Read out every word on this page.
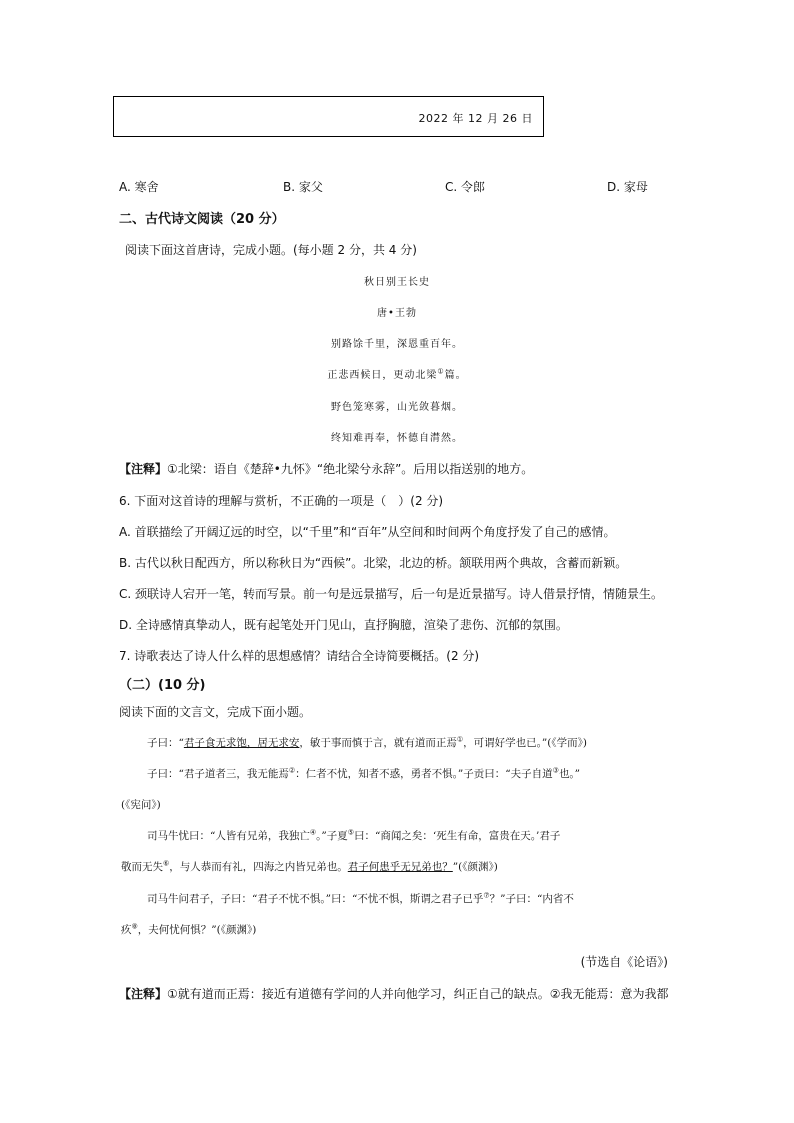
2022 年 12 月 26 日
A. 寒舍	B. 家父	C. 令郎	D. 家母
二、古代诗文阅读（20 分）
阅读下面这首唐诗，完成小题。(每小题 2 分，共 4 分)
秋日别王长史
唐•王勃
别路馀千里，深恩重百年。
正悲西候日，更动北梁①篇。
野色笼寒雾，山光敛暮烟。
终知难再奉，怀德自潸然。
【注释】①北梁：语自《楚辞•九怀》“绝北梁兮永辞”。后用以指送别的地方。
6. 下面对这首诗的理解与赏析，不正确的一项是（　）(2 分)
A. 首联描绘了开阔辽远的时空，以“千里”和“百年”从空间和时间两个角度抒发了自己的感情。
B. 古代以秋日配西方，所以称秋日为“西候”。北梁，北边的桥。颔联用两个典故，含蓄而新颖。
C. 颈联诗人宕开一笔，转而写景。前一句是远景描写，后一句是近景描写。诗人借景抒情，情随景生。
D. 全诗感情真挚动人，既有起笔处开门见山，直抒胸臆，渲染了悲伤、沉郁的氛围。
7. 诗歌表达了诗人什么样的思想感情？请结合全诗简要概括。(2 分)
（二）(10 分)
阅读下面的文言文，完成下面小题。
子曰：“君子食无求饱，居无求安，敏于事而慎于言，就有道而正焉①，可谓好学也已。”(《学而》)
子曰：“君子道者三，我无能焉②：仁者不忧，知者不惑，勇者不惧。”子贡曰：“夫子自道③也。”
(《宪问》)
司马牛忧曰：“人皆有兄弟，我独亡④。”子夏⑤曰：“商闻之矣：‘死生有命，富贵在天。’君子
敬而无失⑥，与人恭而有礼，四海之内皆兄弟也。君子何患乎无兄弟也？”(《颜渊》)
司马牛问君子，子曰：“君子不忧不惧。”曰：“不忧不惧，斯谓之君子已乎⑦？”子曰：“内省不
疚⑧，夫何忧何惧？”(《颜渊》)
(节选自《论语》)
【注释】①就有道而正焉：接近有道德有学问的人并向他学习，纠正自己的缺点。②我无能焉：意为我都
